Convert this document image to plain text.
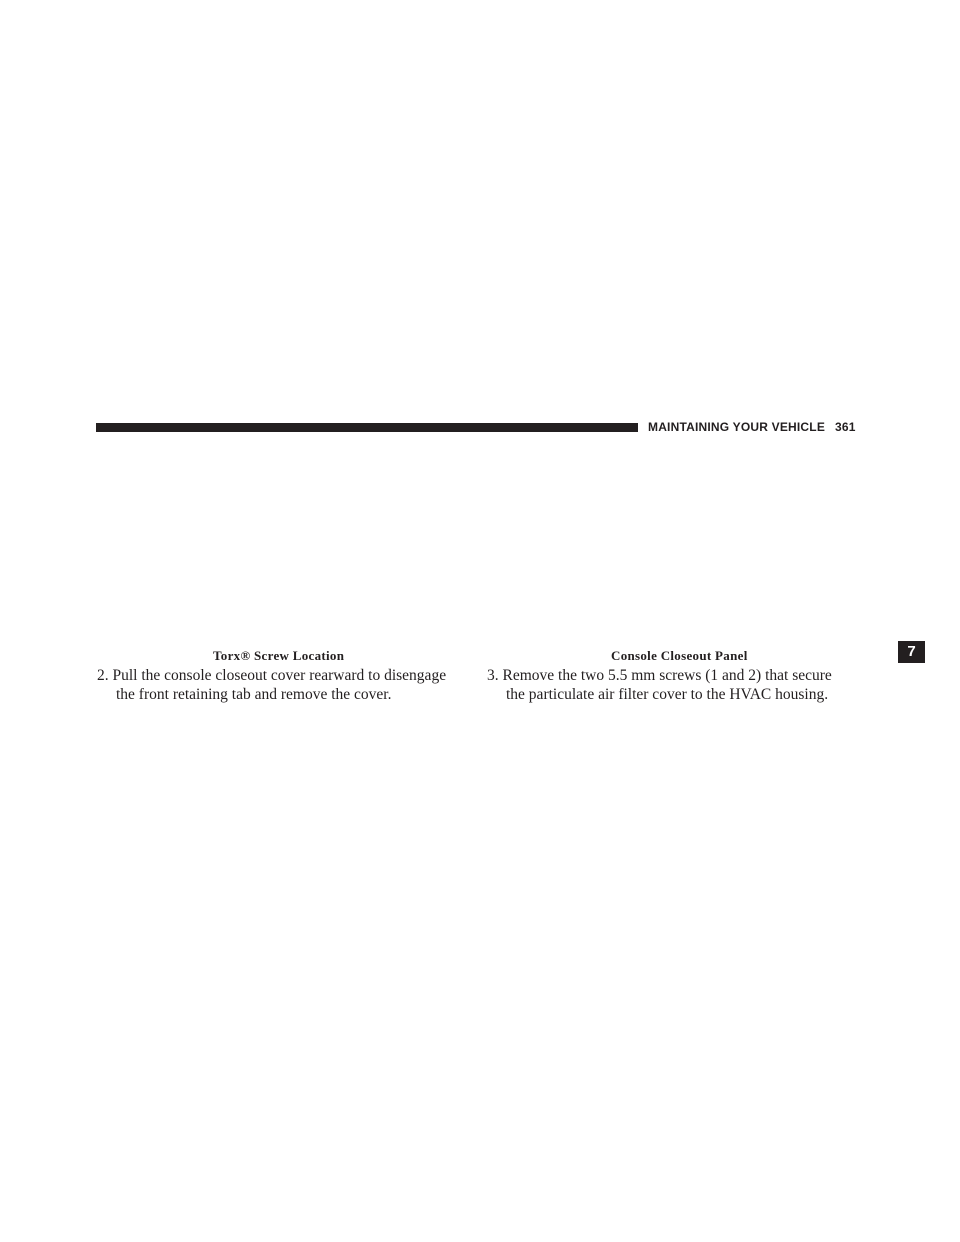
MAINTAINING YOUR VEHICLE 361
7
Torx® Screw Location	Console Closeout Panel
2. Pull the console closeout cover rearward to disengage
the front retaining tab and remove the cover.
3. Remove the two 5.5 mm screws (1 and 2) that secure
the particulate air filter cover to the HVAC housing.
